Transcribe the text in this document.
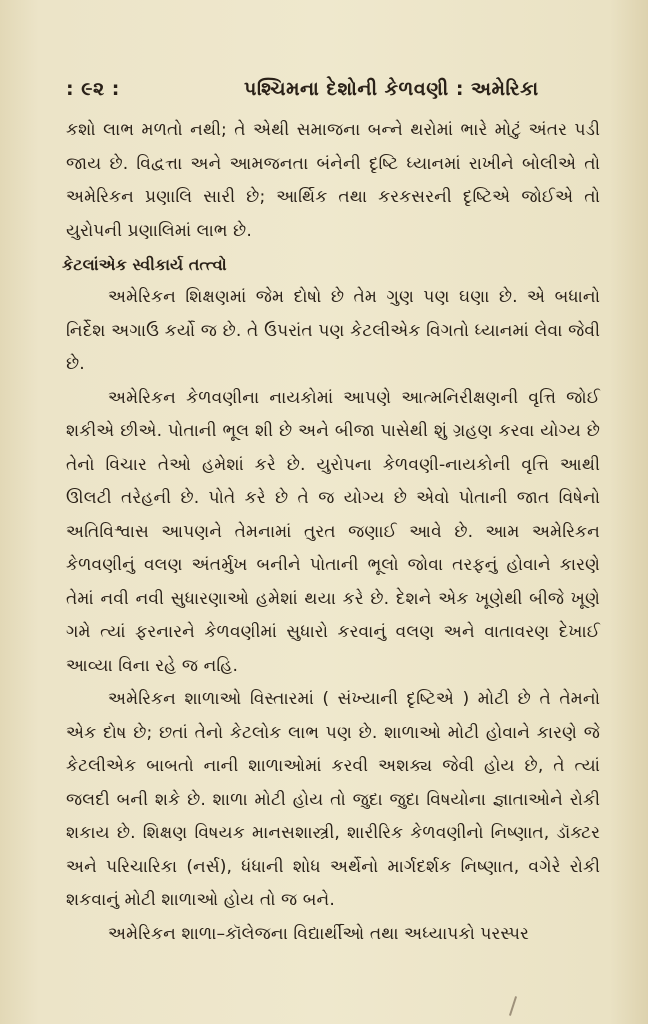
: ૯૨ :	પશ્ચિમના દેશોની કેળવણી : અમેરિકા

કશો લાભ મળતો નથી; તે એથી સમાજના બન્ને થરોમાં ભારે મોટું અંતર પડી જાય છે. વિદ્વત્તા અને આમજનતા બંનેની દૃષ્ટિ ધ્યાનમાં રાખીને બોલીએ તો અમેરિકન પ્રણાલિ સારી છે; આર્થિક તથા કરકસરની દૃષ્ટિએ જોઈએ તો યુરોપની પ્રણાલિમાં લાભ છે.

કેટલાંએક સ્વીકાર્ય તત્ત્વો

અમેરિકન શિક્ષણમાં જેમ દોષો છે તેમ ગુણ પણ ઘણા છે. એ બધાનો નિર્દેશ અગાઉ કર્યો જ છે. તે ઉપરાંત પણ કેટલીએક વિગતો ધ્યાનમાં લેવા જેવી છે.

અમેરિકન કેળવણીના નાયકોમાં આપણે આત્મનિરીક્ષણની વૃત્તિ જોઈ શકીએ છીએ. પોતાની ભૂલ શી છે અને બીજા પાસેથી શું ગ્રહણ કરવા યોગ્ય છે તેનો વિચાર તેઓ હમેશાં કરે છે. યુરોપના કેળવણી-નાયકોની વૃત્તિ આથી ઊલટી તરેહની છે. પોતે કરે છે તે જ યોગ્ય છે એવો પોતાની જાત વિષેનો અતિવિશ્વાસ આપણને તેમનામાં તુરત જણાઈ આવે છે. આમ અમેરિકન કેળવણીનું વલણ અંતર્મુખ બનીને પોતાની ભૂલો જોવા તરફનું હોવાને કારણે તેમાં નવી નવી સુધારણાઓ હમેશાં થયા કરે છે. દેશને એક ખૂણેથી બીજે ખૂણે ગમે ત્યાં ફરનારને કેળવણીમાં સુધારો કરવાનું વલણ અને વાતાવરણ દેખાઈ આવ્યા વિના રહે જ નહિ.

અમેરિકન શાળાઓ વિસ્તારમાં ( સંખ્યાની દૃષ્ટિએ ) મોટી છે તે તેમનો એક દોષ છે; છતાં તેનો કેટલોક લાભ પણ છે. શાળાઓ મોટી હોવાને કારણે જે કેટલીએક બાબતો નાની શાળાઓમાં કરવી અશક્ય જેવી હોય છે, તે ત્યાં જલદી બની શકે છે. શાળા મોટી હોય તો જુદા જુદા વિષયોના જ્ઞાતાઓને રોકી શકાય છે. શિક્ષણ વિષયક માનસશાસ્ત્રી, શારીરિક કેળવણીનો નિષ્ણાત, ડૉક્ટર અને પરિચારિકા (નર્સ), ધંધાની શોધ અર્થેનો માર્ગદર્શક નિષ્ણાત, વગેરે રોકી શકવાનું મોટી શાળાઓ હોય તો જ બને.

અમેરિકન શાળા–કૉલેજના વિદ્યાર્થીઓ તથા અધ્યાપકો પરસ્પર
